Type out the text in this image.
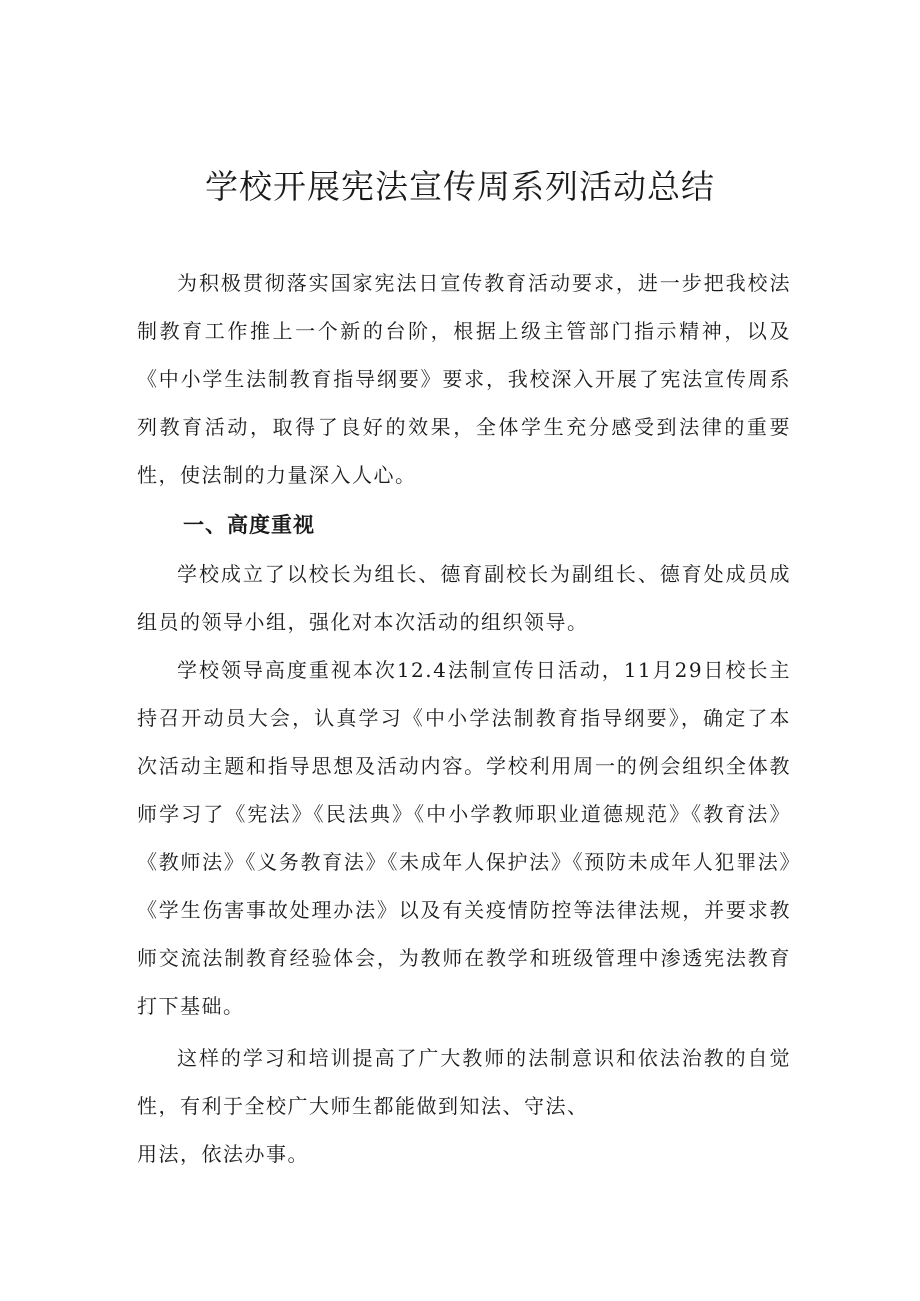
学校开展宪法宣传周系列活动总结

为积极贯彻落实国家宪法日宣传教育活动要求，进一步把我校法制教育工作推上一个新的台阶，根据上级主管部门指示精神，以及《中小学生法制教育指导纲要》要求，我校深入开展了宪法宣传周系列教育活动，取得了良好的效果，全体学生充分感受到法律的重要性，使法制的力量深入人心。

一、高度重视

学校成立了以校长为组长、德育副校长为副组长、德育处成员成组员的领导小组，强化对本次活动的组织领导。

学校领导高度重视本次12.4法制宣传日活动，11月29日校长主持召开动员大会，认真学习《中小学法制教育指导纲要》，确定了本次活动主题和指导思想及活动内容。学校利用周一的例会组织全体教师学习了《宪法》《民法典》《中小学教师职业道德规范》《教育法》《教师法》《义务教育法》《未成年人保护法》《预防未成年人犯罪法》《学生伤害事故处理办法》以及有关疫情防控等法律法规，并要求教师交流法制教育经验体会，为教师在教学和班级管理中渗透宪法教育打下基础。

这样的学习和培训提高了广大教师的法制意识和依法治教的自觉性，有利于全校广大师生都能做到知法、守法、
用法，依法办事。
